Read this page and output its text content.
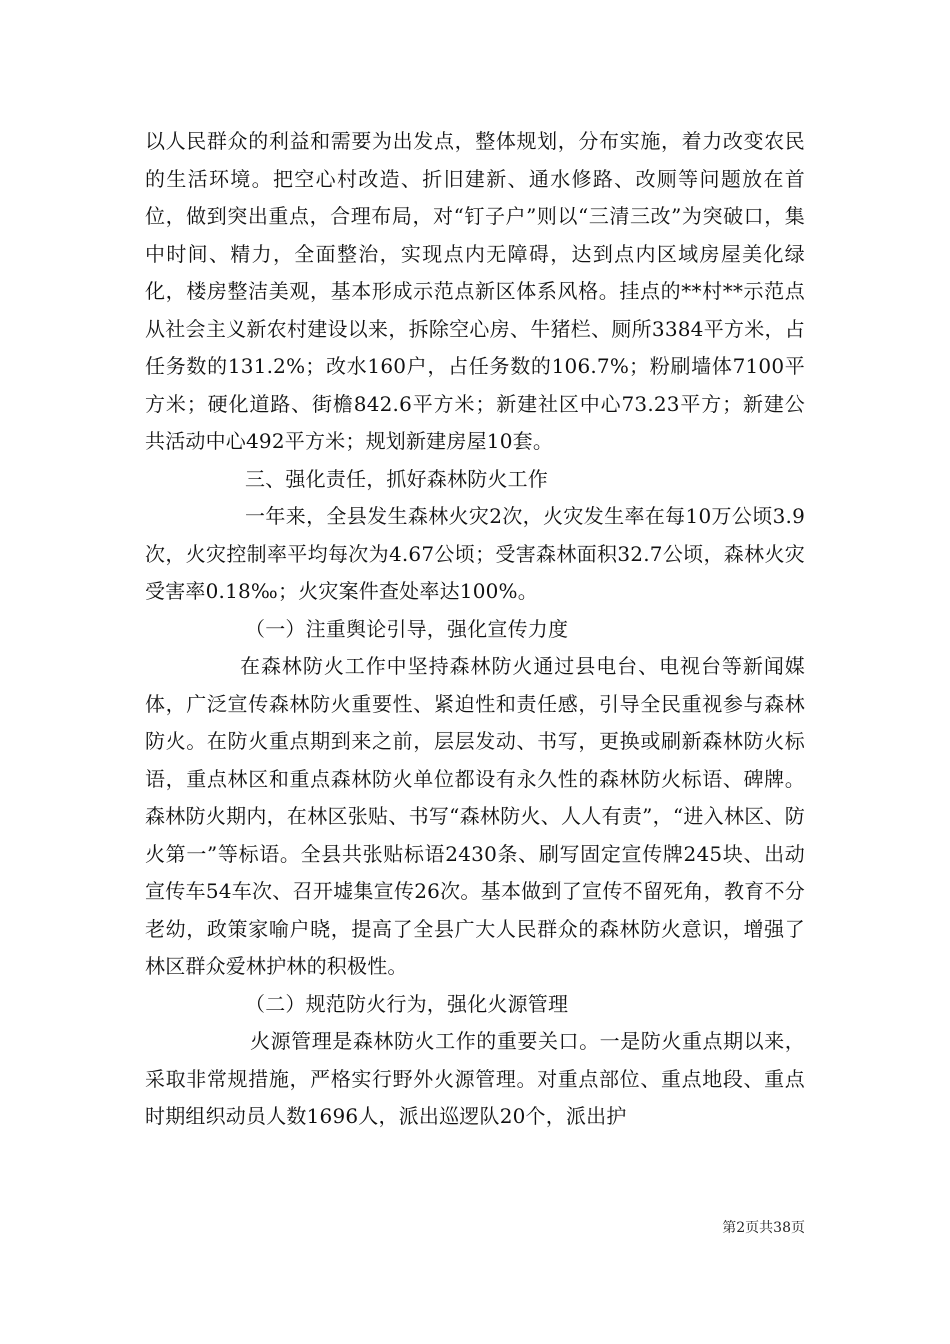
以人民群众的利益和需要为出发点，整体规划，分布实施，着力改变农民的生活环境。把空心村改造、折旧建新、通水修路、改厕等问题放在首位，做到突出重点，合理布局，对“钉子户”则以“三清三改”为突破口，集中时间、精力，全面整治，实现点内无障碍，达到点内区域房屋美化绿化，楼房整洁美观，基本形成示范点新区体系风格。挂点的**村**示范点从社会主义新农村建设以来，拆除空心房、牛猪栏、厕所3384平方米，占任务数的131.2%；改水160户，占任务数的106.7%；粉刷墙体7100平方米；硬化道路、街檐842.6平方米；新建社区中心73.23平方；新建公共活动中心492平方米；规划新建房屋10套。

三、强化责任，抓好森林防火工作

一年来，全县发生森林火灾2次，火灾发生率在每10万公顷3.9次，火灾控制率平均每次为4.67公顷；受害森林面积32.7公顷，森林火灾受害率0.18‰；火灾案件查处率达100%。

（一）注重舆论引导，强化宣传力度

在森林防火工作中坚持森林防火通过县电台、电视台等新闻媒体，广泛宣传森林防火重要性、紧迫性和责任感，引导全民重视参与森林防火。在防火重点期到来之前，层层发动、书写，更换或刷新森林防火标语，重点林区和重点森林防火单位都设有永久性的森林防火标语、碑牌。森林防火期内，在林区张贴、书写“森林防火、人人有责”，“进入林区、防火第一”等标语。全县共张贴标语2430条、刷写固定宣传牌245块、出动宣传车54车次、召开墟集宣传26次。基本做到了宣传不留死角，教育不分老幼，政策家喻户晓，提高了全县广大人民群众的森林防火意识，增强了林区群众爱林护林的积极性。

（二）规范防火行为，强化火源管理

火源管理是森林防火工作的重要关口。一是防火重点期以来，采取非常规措施，严格实行野外火源管理。对重点部位、重点地段、重点时期组织动员人数1696人，派出巡逻队20个，派出护

第2页共38页
